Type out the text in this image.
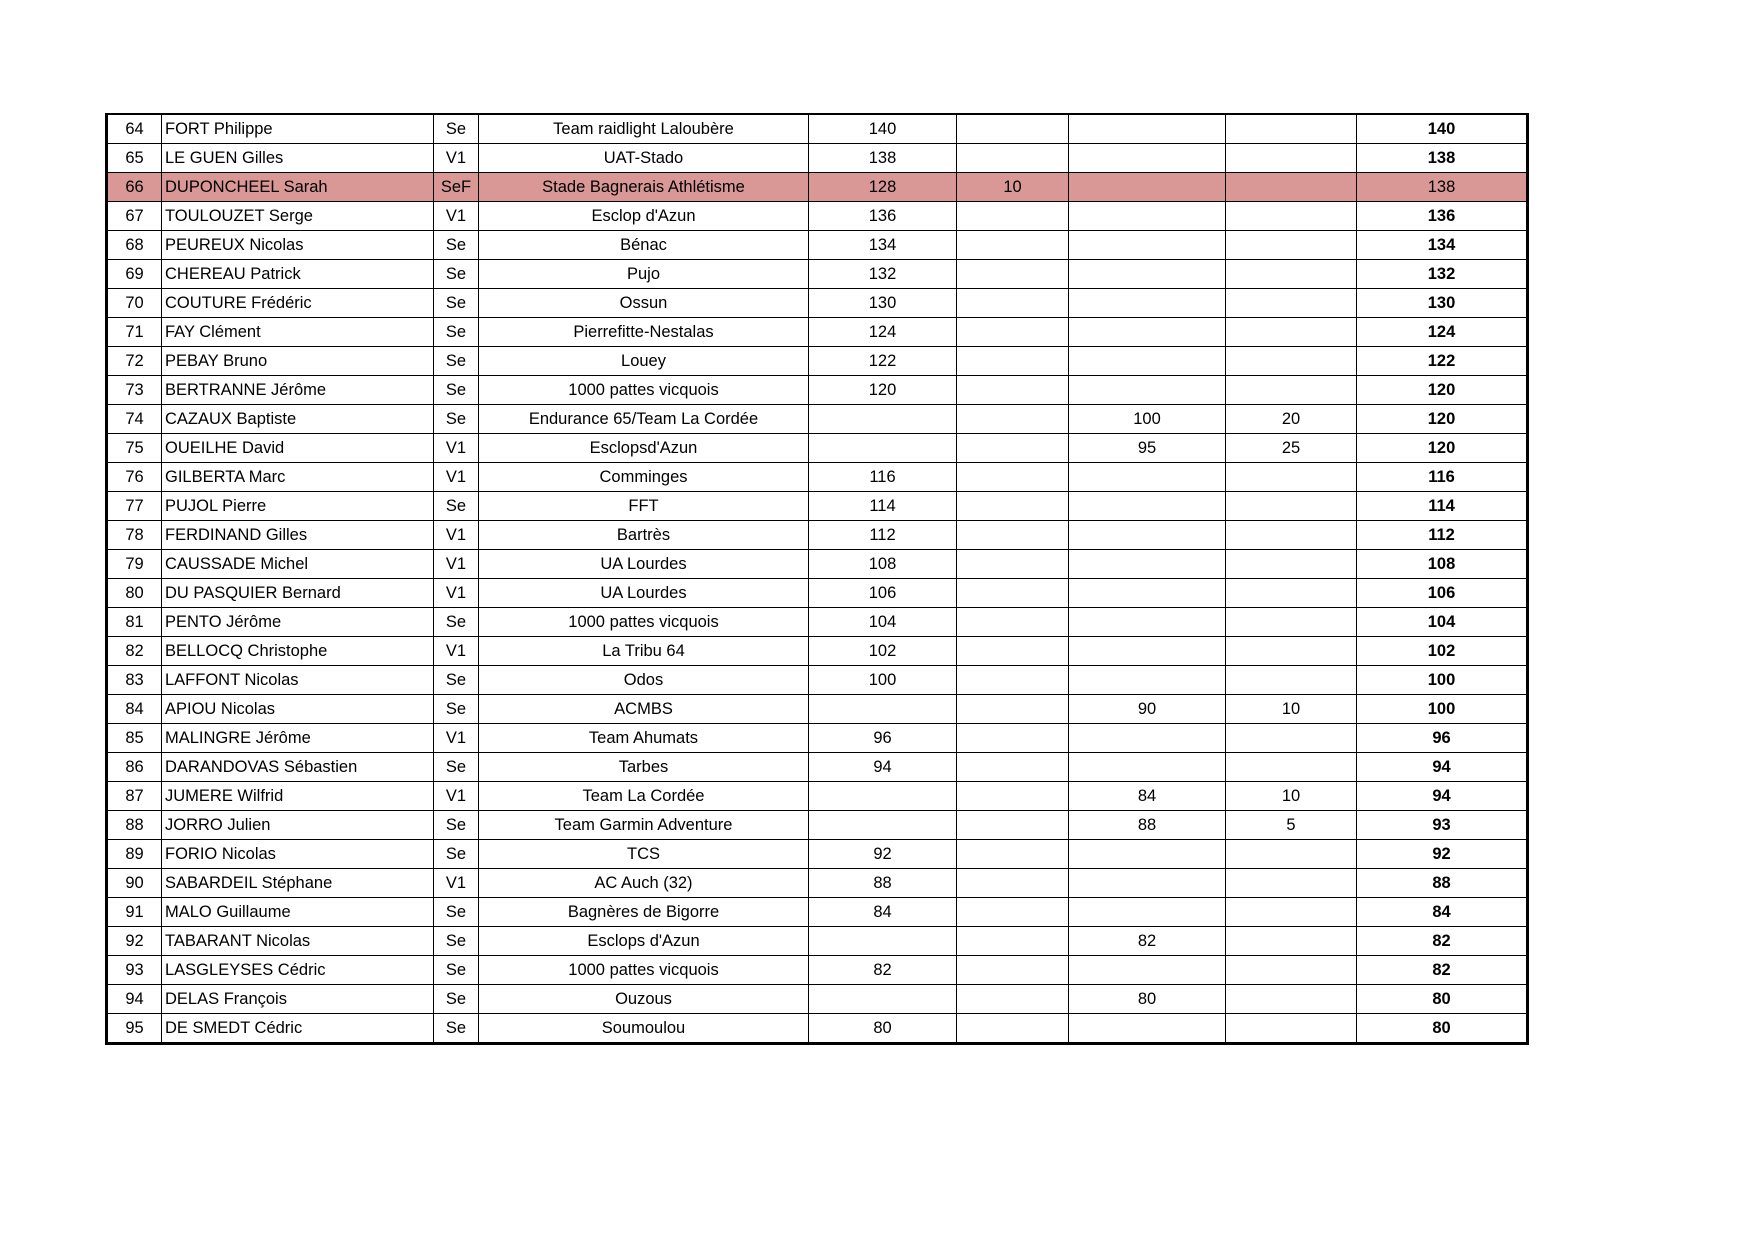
64	FORT Philippe	Se	Team raidlight Laloubère	140				140
65	LE GUEN Gilles	V1	UAT-Stado	138				138
66	DUPONCHEEL Sarah	SeF	Stade Bagnerais Athlétisme	128	10			138
67	TOULOUZET Serge	V1	Esclop d'Azun	136				136
68	PEUREUX Nicolas	Se	Bénac	134				134
69	CHEREAU Patrick	Se	Pujo	132				132
70	COUTURE Frédéric	Se	Ossun	130				130
71	FAY Clément	Se	Pierrefitte-Nestalas	124				124
72	PEBAY Bruno	Se	Louey	122				122
73	BERTRANNE Jérôme	Se	1000 pattes vicquois	120				120
74	CAZAUX Baptiste	Se	Endurance 65/Team La Cordée			100	20	120
75	OUEILHE David	V1	Esclopsd'Azun			95	25	120
76	GILBERTA Marc	V1	Comminges	116				116
77	PUJOL Pierre	Se	FFT	114				114
78	FERDINAND Gilles	V1	Bartrès	112				112
79	CAUSSADE Michel	V1	UA Lourdes	108				108
80	DU PASQUIER Bernard	V1	UA Lourdes	106				106
81	PENTO Jérôme	Se	1000 pattes vicquois	104				104
82	BELLOCQ Christophe	V1	La Tribu 64	102				102
83	LAFFONT Nicolas	Se	Odos	100				100
84	APIOU Nicolas	Se	ACMBS			90	10	100
85	MALINGRE Jérôme	V1	Team Ahumats	96				96
86	DARANDOVAS Sébastien	Se	Tarbes	94				94
87	JUMERE Wilfrid	V1	Team La Cordée			84	10	94
88	JORRO Julien	Se	Team Garmin Adventure			88	5	93
89	FORIO Nicolas	Se	TCS	92				92
90	SABARDEIL Stéphane	V1	AC Auch (32)	88				88
91	MALO Guillaume	Se	Bagnères de Bigorre	84				84
92	TABARANT Nicolas	Se	Esclops d'Azun			82		82
93	LASGLEYSES Cédric	Se	1000 pattes vicquois	82				82
94	DELAS François	Se	Ouzous			80		80
95	DE SMEDT Cédric	Se	Soumoulou	80				80
